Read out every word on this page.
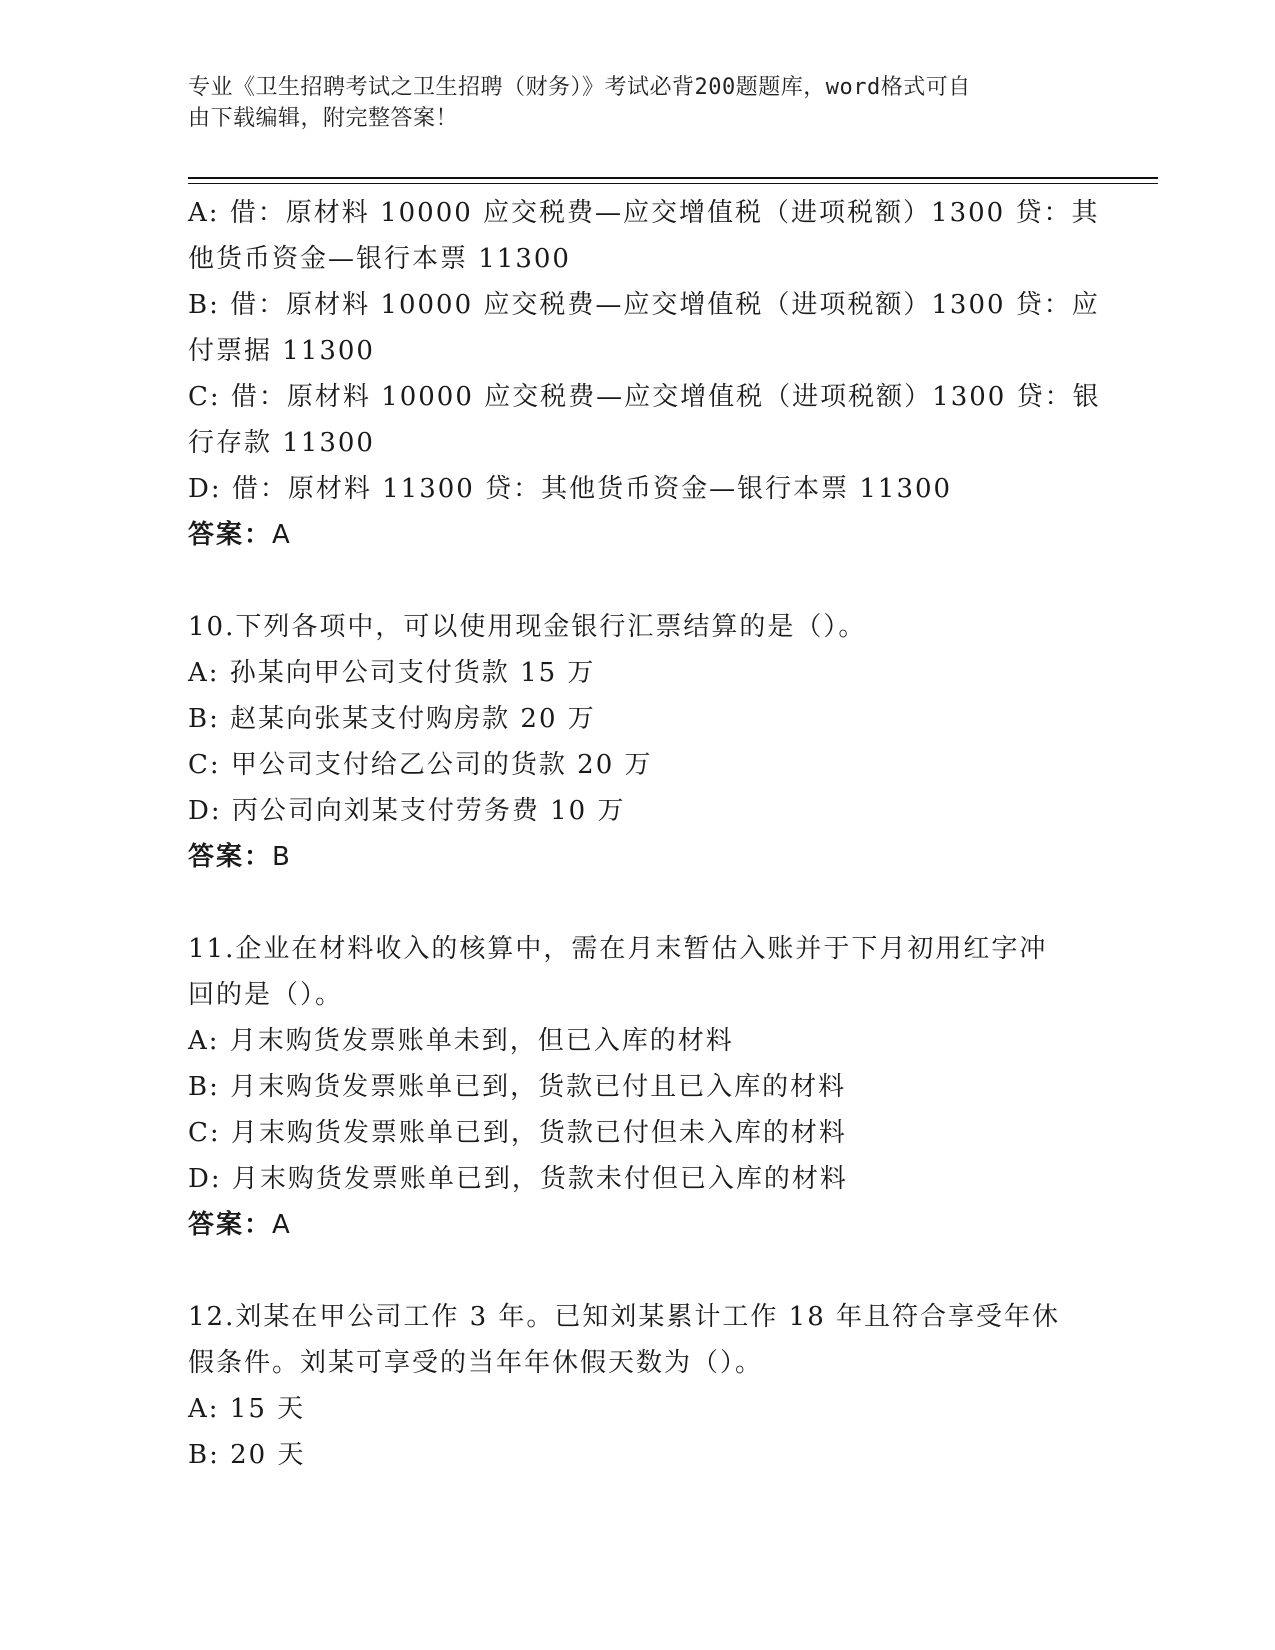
专业《卫生招聘考试之卫生招聘（财务）》考试必背200题题库，word格式可自
由下载编辑，附完整答案！
A: 借：原材料 10000 应交税费—应交增值税（进项税额）1300 贷：其
他货币资金—银行本票 11300
B: 借：原材料 10000 应交税费—应交增值税（进项税额）1300 贷：应
付票据 11300
C: 借：原材料 10000 应交税费—应交增值税（进项税额）1300 贷：银
行存款 11300
D: 借：原材料 11300 贷：其他货币资金—银行本票 11300
答案：A
10.下列各项中，可以使用现金银行汇票结算的是（）。
A: 孙某向甲公司支付货款 15 万
B: 赵某向张某支付购房款 20 万
C: 甲公司支付给乙公司的货款 20 万
D: 丙公司向刘某支付劳务费 10 万
答案：B
11.企业在材料收入的核算中，需在月末暂估入账并于下月初用红字冲
回的是（）。
A: 月末购货发票账单未到，但已入库的材料
B: 月末购货发票账单已到，货款已付且已入库的材料
C: 月末购货发票账单已到，货款已付但未入库的材料
D: 月末购货发票账单已到，货款未付但已入库的材料
答案：A
12.刘某在甲公司工作 3 年。已知刘某累计工作 18 年且符合享受年休
假条件。刘某可享受的当年年休假天数为（）。
A: 15 天
B: 20 天
